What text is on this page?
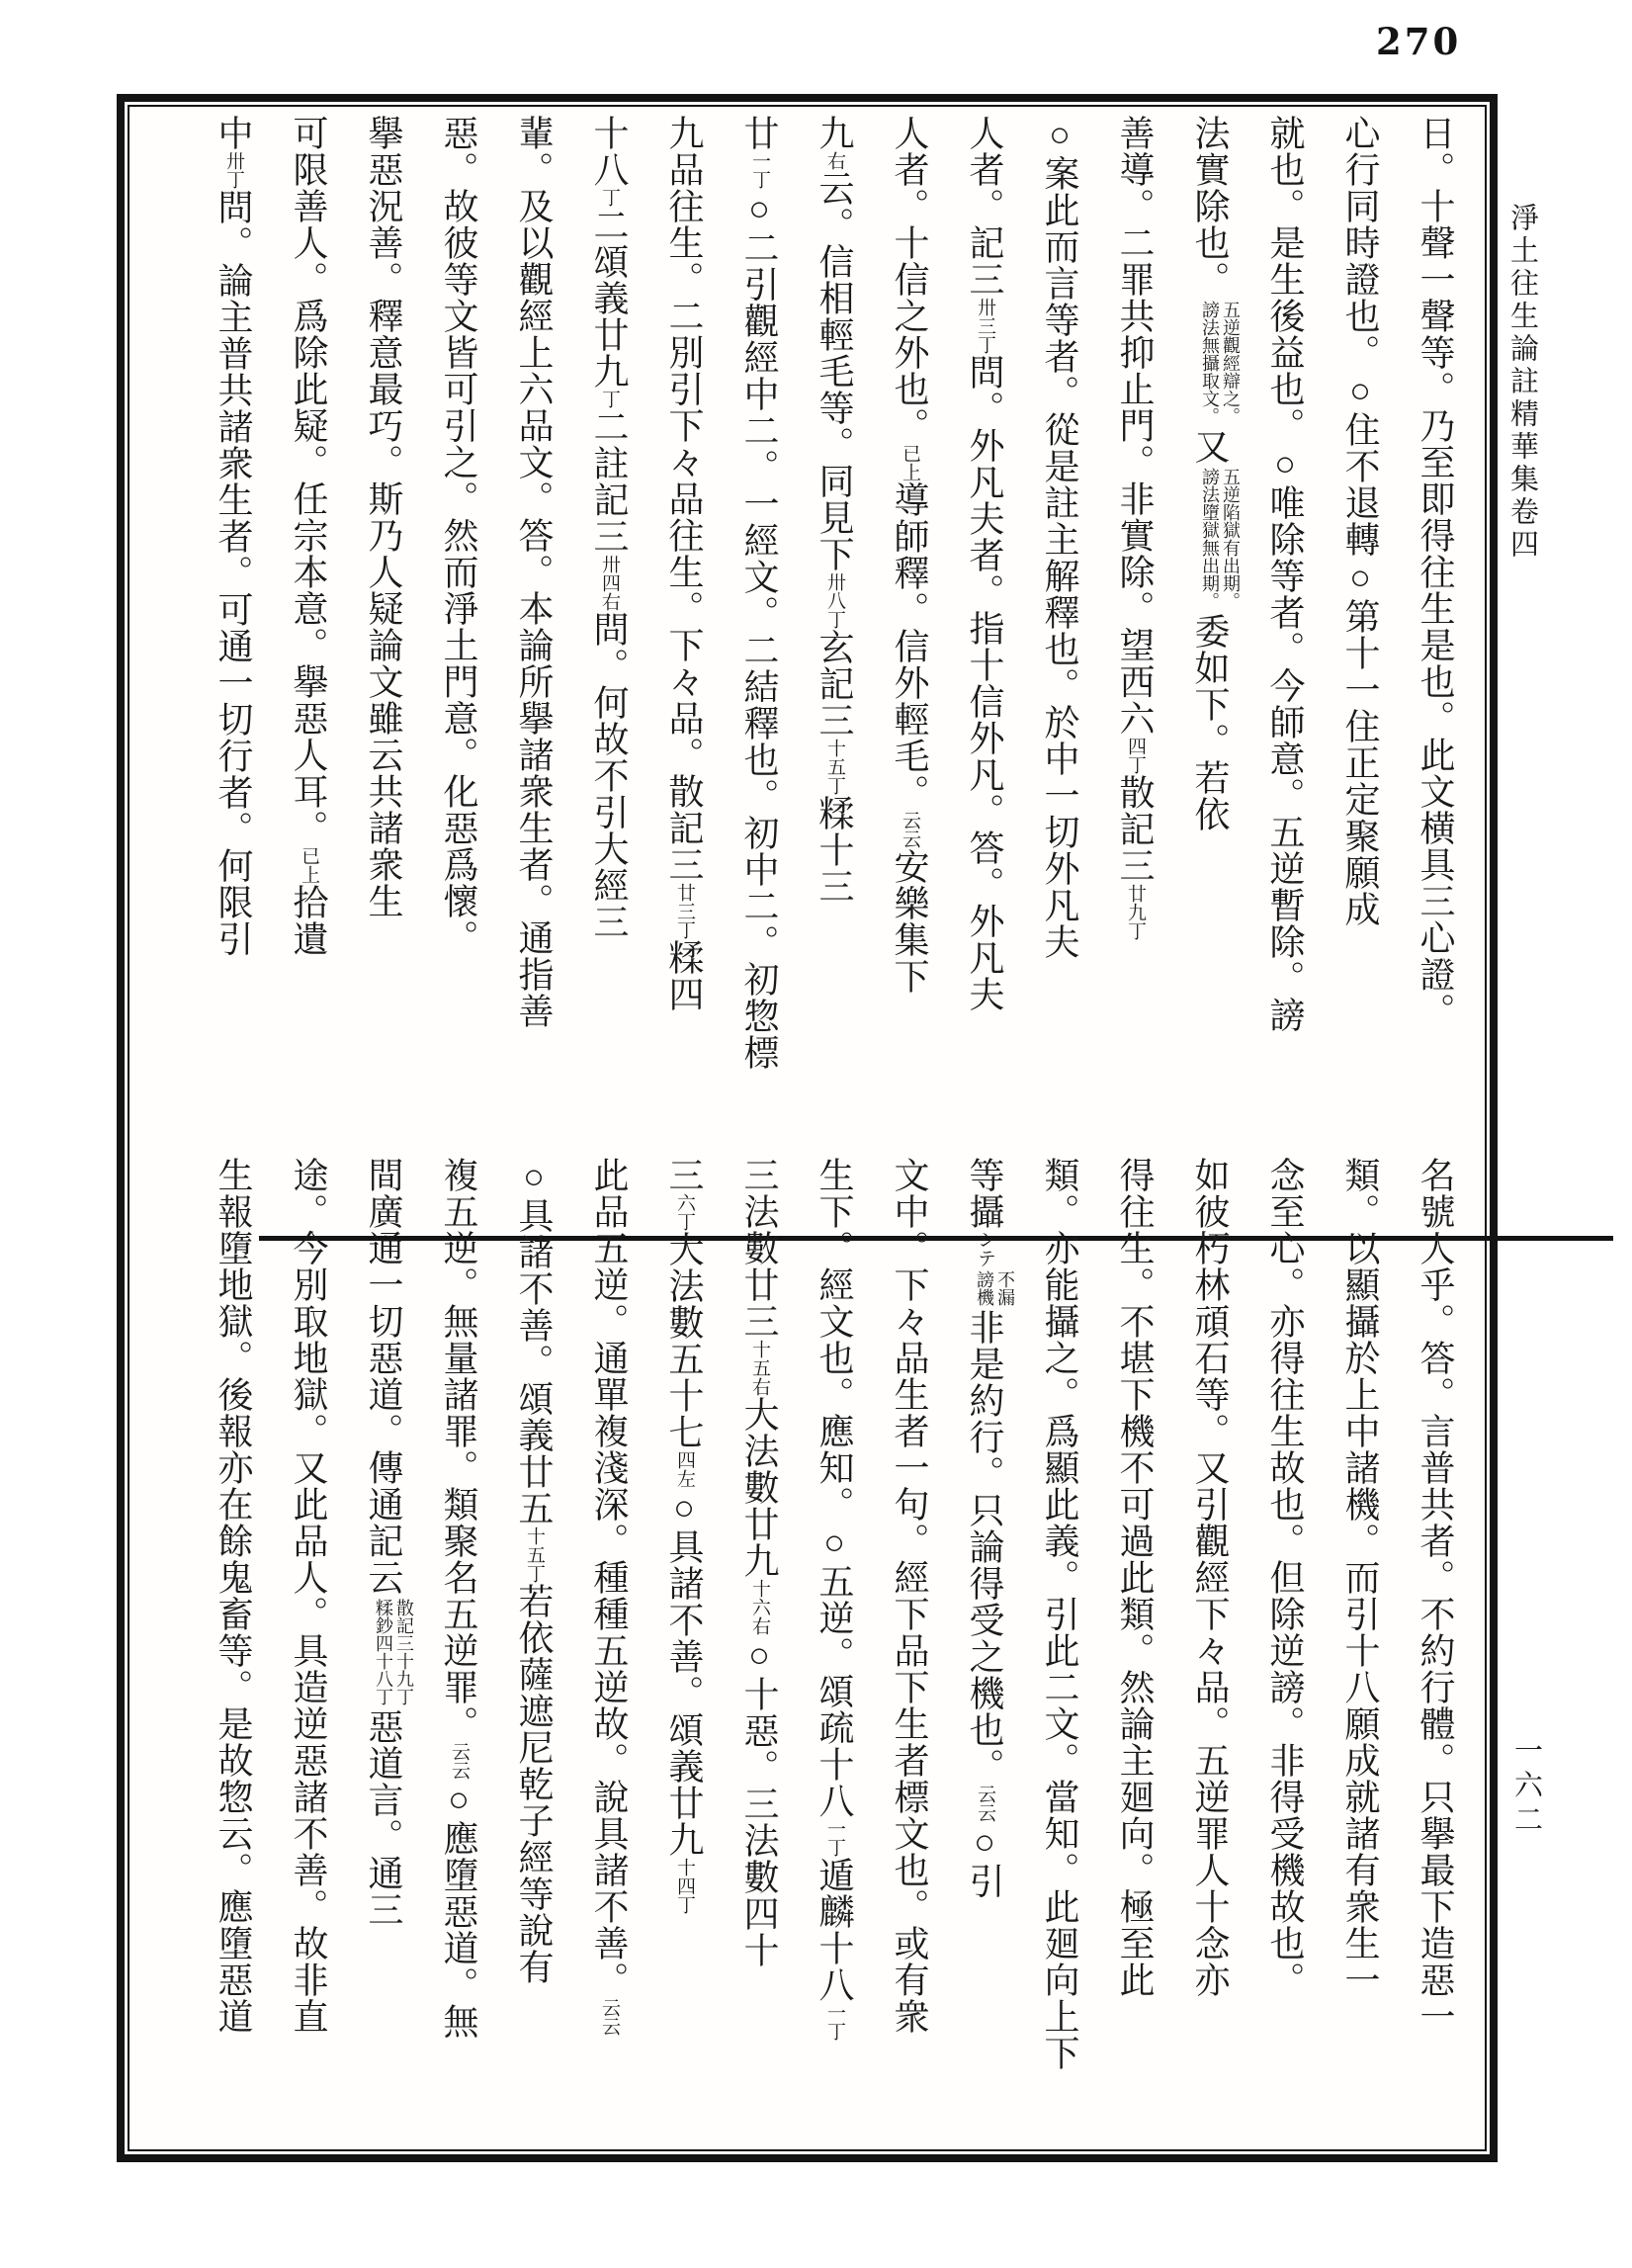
270
日。十聲一聲等。乃至即得往生是也。此文横具三心證。
心行同時證也。○住不退轉○第十一住正定聚願成
就也。是生後益也。○唯除等者。今師意。五逆暫除。謗
法實除也。
五逆觀經辯之。
謗法無攝取文。
又
五逆陷獄有出期。
謗法墮獄無出期。
委如下。若依
善導。二罪共抑止門。非實除。望西六四丁散記三廿九丁
○案此而言等者。從是註主解釋也。於中一切外凡夫
人者。記三卅三丁問。外凡夫者。指十信外凡。答。外凡夫
人者。十信之外也。已上導師釋。信外輕毛。云云安樂集下
九右云。信相輕毛等。同見下卅八丁玄記三十五丁糅十三
廿一丁○二引觀經中二。一經文。二結釋也。初中二。初惣標
九品往生。二別引下々品往生。下々品。散記三廿三丁糅四
十八丁二頌義廿九丁二註記三卅四右問。何故不引大經三
輩。及以觀經上六品文。答。本論所擧諸衆生者。通指善
惡。故彼等文皆可引之。然而淨土門意。化惡爲懷。
擧惡況善。釋意最巧。斯乃人疑論文雖云共諸衆生
可限善人。爲除此疑。任宗本意。擧惡人耳。已上拾遺
中卅丁問。論主普共諸衆生者。可通一切行者。何限引
名號人乎。答。言普共者。不約行體。只擧最下造惡一
類。以顯攝於上中諸機。而引十八願成就諸有衆生一
念至心。亦得往生故也。但除逆謗。非得受機故也。
如彼朽林頑石等。又引觀經下々品。五逆罪人十念亦
得往生。不堪下機不可過此類。然論主廻向。極至此
類。亦能攝之。爲顯此義。引此二文。當知。此廻向上下
等攝シテ
不漏
謗機
非是約行。只論得受之機也。云云○引
文中。下々品生者一句。經下品下生者標文也。或有衆
生下。經文也。應知。○五逆。頌疏十八一丁遁麟十八一丁
三法數廿三十五右大法數廿九十六右○十惡。三法數四十
三六丁大法數五十七四左○具諸不善。頌義廿九十四丁
此品五逆。通單複淺深。種種五逆故。說具諸不善。云云
○具諸不善。頌義廿五十五丁若依薩遮尼乾子經等說有
複五逆。無量諸罪。類聚名五逆罪。云云○應墮惡道。無
間廣通一切惡道。傳通記云
散記三十九丁
糅鈔四十八丁
惡道言。通三
途。今別取地獄。又此品人。具造逆惡諸不善。故非直
生報墮地獄。後報亦在餘鬼畜等。是故惣云。應墮惡道
淨土往生論註精華集卷四
一六二
